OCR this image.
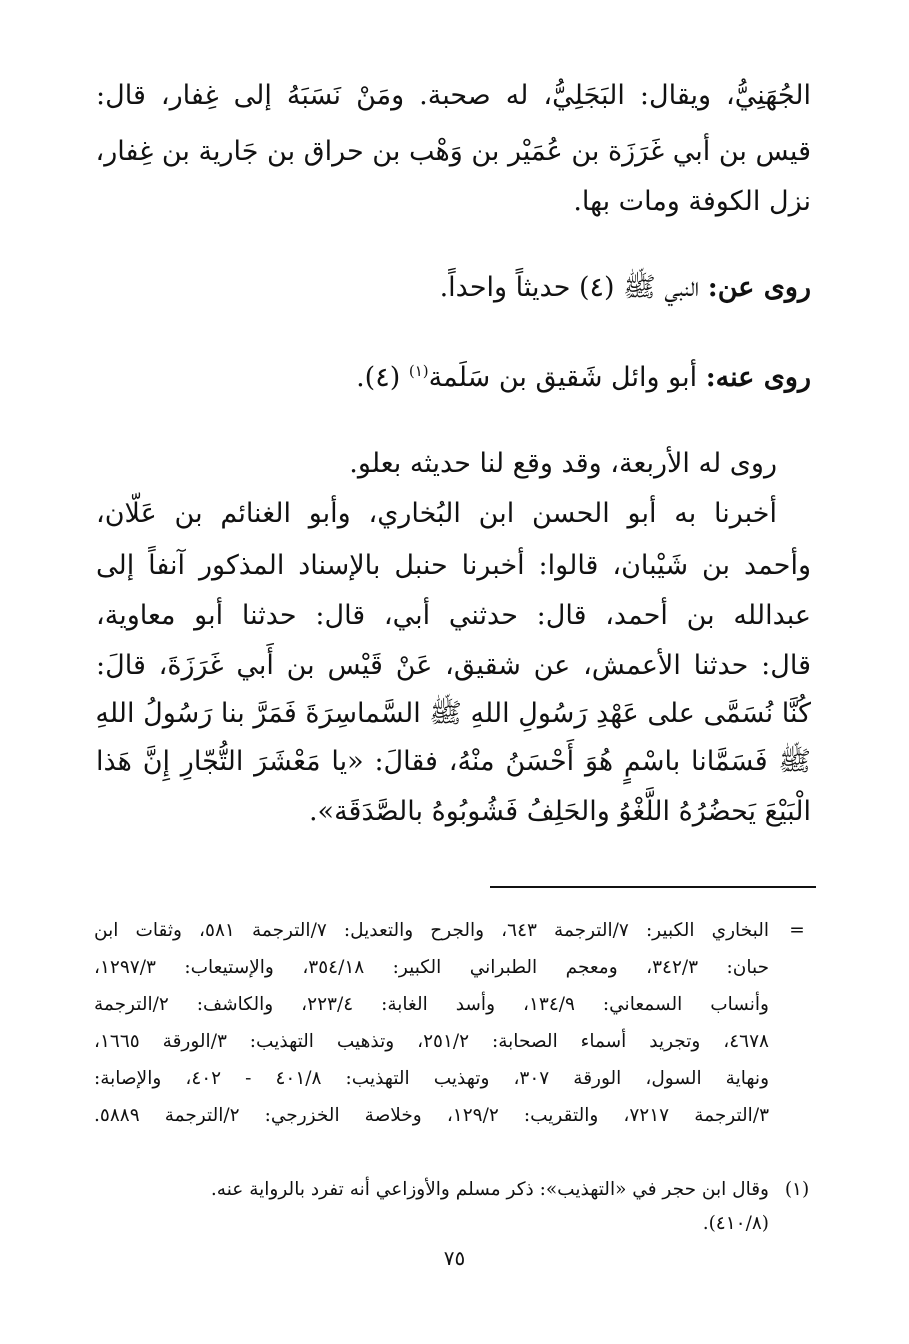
الجُهَنِيُّ، ويقال: البَجَلِيُّ، له صحبة. ومَنْ نَسَبَهُ إلى غِفار، قال:
قيس بن أبي غَرَزَة بن عُمَيْر بن وَهْب بن حراق بن جَارية بن غِفار،
نزل الكوفة ومات بها.
روى عن: النبي ﷺ (٤) حديثاً واحداً.
روى عنه: أبو وائل شَقيق بن سَلَمة$^{(١)}$ (٤).
روى له الأربعة، وقد وقع لنا حديثه بعلو.
أخبرنا به أبو الحسن ابن البُخاري، وأبو الغنائم بن عَلّان،
وأحمد بن شَيْبان، قالوا: أخبرنا حنبل بالإسناد المذكور آنفاً إلى
عبدالله بن أحمد، قال: حدثني أبي، قال: حدثنا أبو معاوية،
قال: حدثنا الأعمش، عن شقيق، عَنْ قَيْس بن أَبي غَرَزَةَ، قالَ:
كُنَّا نُسَمَّى على عَهْدِ رَسُولِ اللهِ ﷺ السَّماسِرَةَ فَمَرَّ بنا رَسُولُ اللهِ
ﷺ فَسَمَّانا باسْمٍ هُوَ أَحْسَنُ منْهُ، فقالَ: «يا مَعْشَرَ التُّجّارِ إِنَّ هَذا
الْبَيْعَ يَحضُرُهُ اللَّغْوُ والحَلِفُ فَشُوبُوهُ بالصَّدَقَة».
=
البخاري الكبير: ٧/الترجمة ٦٤٣، والجرح والتعديل: ٧/الترجمة ٥٨١، وثقات ابن
حبان: ٣٤٢/٣، ومعجم الطبراني الكبير: ٣٥٤/١٨، والإستيعاب: ١٢٩٧/٣،
وأنساب السمعاني: ١٣٤/٩، وأسد الغابة: ٢٢٣/٤، والكاشف: ٢/الترجمة
٤٦٧٨، وتجريد أسماء الصحابة: ٢٥١/٢، وتذهيب التهذيب: ٣/الورقة ١٦٦٥،
ونهاية السول، الورقة ٣٠٧، وتهذيب التهذيب: ٤٠١/٨ - ٤٠٢، والإصابة:
٣/الترجمة ٧٢١٧، والتقريب: ١٢٩/٢، وخلاصة الخزرجي: ٢/الترجمة ٥٨٨٩.
(١)
وقال ابن حجر في «التهذيب»: ذكر مسلم والأوزاعي أنه تفرد بالرواية عنه.
(٤١٠/٨).
٧٥
